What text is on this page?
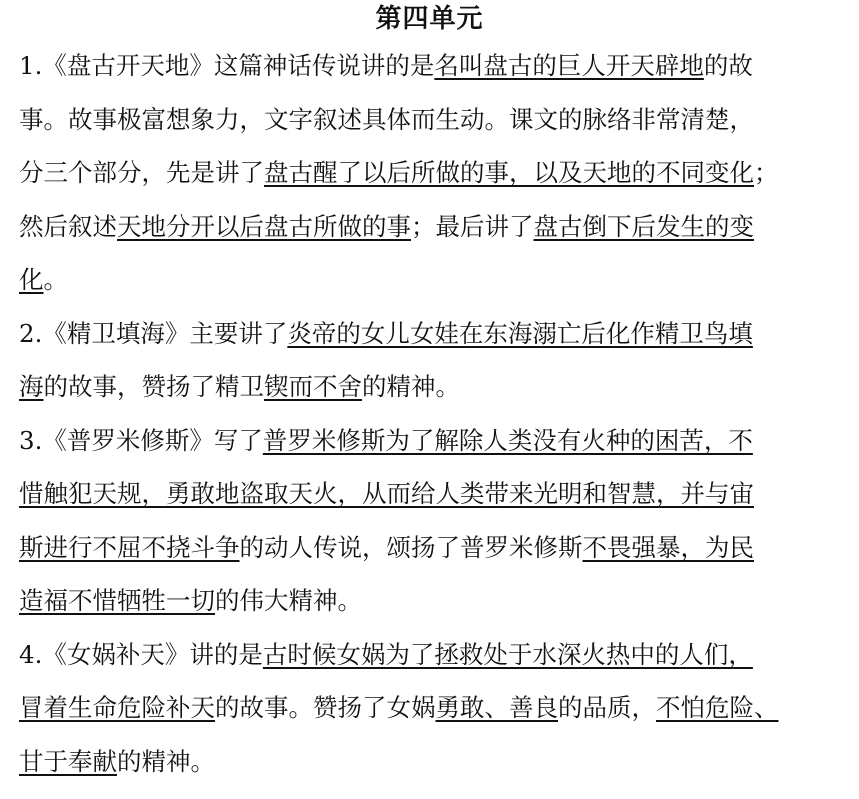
第四单元
1.《盘古开天地》这篇神话传说讲的是名叫盘古的巨人开天辟地的故
事。故事极富想象力，文字叙述具体而生动。课文的脉络非常清楚，
分三个部分，先是讲了盘古醒了以后所做的事，以及天地的不同变化；
然后叙述天地分开以后盘古所做的事；最后讲了盘古倒下后发生的变
化。
2.《精卫填海》主要讲了炎帝的女儿女娃在东海溺亡后化作精卫鸟填
海的故事，赞扬了精卫锲而不舍的精神。
3.《普罗米修斯》写了普罗米修斯为了解除人类没有火种的困苦，不
惜触犯天规，勇敢地盗取天火，从而给人类带来光明和智慧，并与宙
斯进行不屈不挠斗争的动人传说，颂扬了普罗米修斯不畏强暴，为民
造福不惜牺牲一切的伟大精神。
4.《女娲补天》讲的是古时候女娲为了拯救处于水深火热中的人们，
冒着生命危险补天的故事。赞扬了女娲勇敢、善良的品质，不怕危险、
甘于奉献的精神。
